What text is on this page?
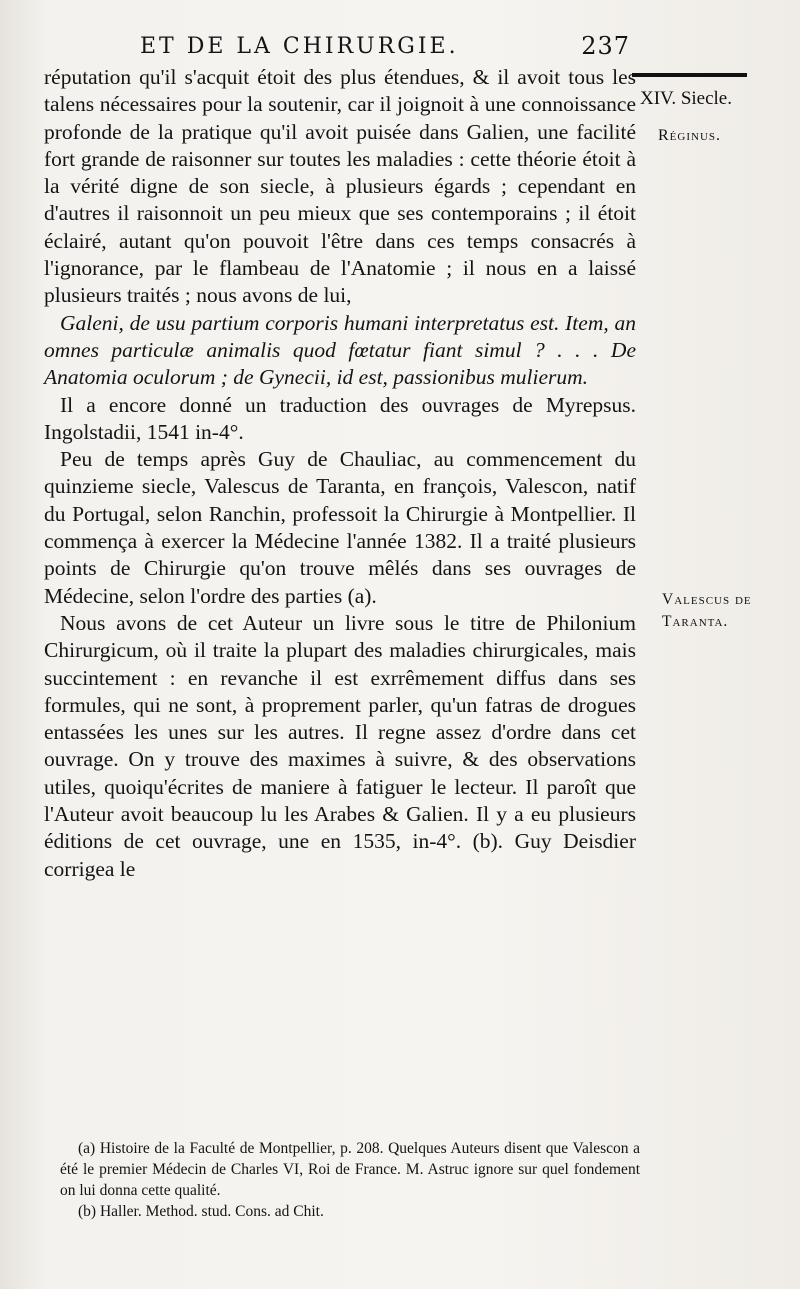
ET DE LA CHIRURGIE.	237
XIV. Siecle.
Réginus.
Valescus de Taranta.

réputation qu'il s'acquit étoit des plus étendues, & il avoit tous les talens nécessaires pour la soutenir, car il joignoit à une connoissance profonde de la pratique qu'il avoit puisée dans Galien, une facilité fort grande de raisonner sur toutes les maladies : cette théorie étoit à la vérité digne de son siecle, à plusieurs égards ; cependant en d'autres il raisonnoit un peu mieux que ses contemporains ; il étoit éclairé, autant qu'on pouvoit l'être dans ces temps consacrés à l'ignorance, par le flambeau de l'Anatomie ; il nous en a laissé plusieurs traités ; nous avons de lui,

Galeni, de usu partium corporis humani interpretatus est. Item, an omnes particulæ animalis quod fœtatur fiant simul ? . . . De Anatomia oculorum ; de Gynecii, id est, passionibus mulierum.

Il a encore donné un traduction des ouvrages de Myrepsus. Ingolstadii, 1541 in-4°.

Peu de temps après Guy de Chauliac, au commencement du quinzieme siecle, Valescus de Taranta, en françois, Valescon, natif du Portugal, selon Ranchin, professoit la Chirurgie à Montpellier. Il commença à exercer la Médecine l'année 1382. Il a traité plusieurs points de Chirurgie qu'on trouve mêlés dans ses ouvrages de Médecine, selon l'ordre des parties (a).

Nous avons de cet Auteur un livre sous le titre de Philonium Chirurgicum, où il traite la plupart des maladies chirurgicales, mais succintement : en revanche il est exrrêmement diffus dans ses formules, qui ne sont, à proprement parler, qu'un fatras de drogues entassées les unes sur les autres. Il regne assez d'ordre dans cet ouvrage. On y trouve des maximes à suivre, & des observations utiles, quoiqu'écrites de maniere à fatiguer le lecteur. Il paroît que l'Auteur avoit beaucoup lu les Arabes & Galien. Il y a eu plusieurs éditions de cet ouvrage, une en 1535, in-4°. (b). Guy Deisdier corrigea le

(a) Histoire de la Faculté de Montpellier, p. 208. Quelques Auteurs disent que Valescon a été le premier Médecin de Charles VI, Roi de France. M. Astruc ignore sur quel fondement on lui donna cette qualité.

(b) Haller. Method. stud. Cons. ad Chit.
